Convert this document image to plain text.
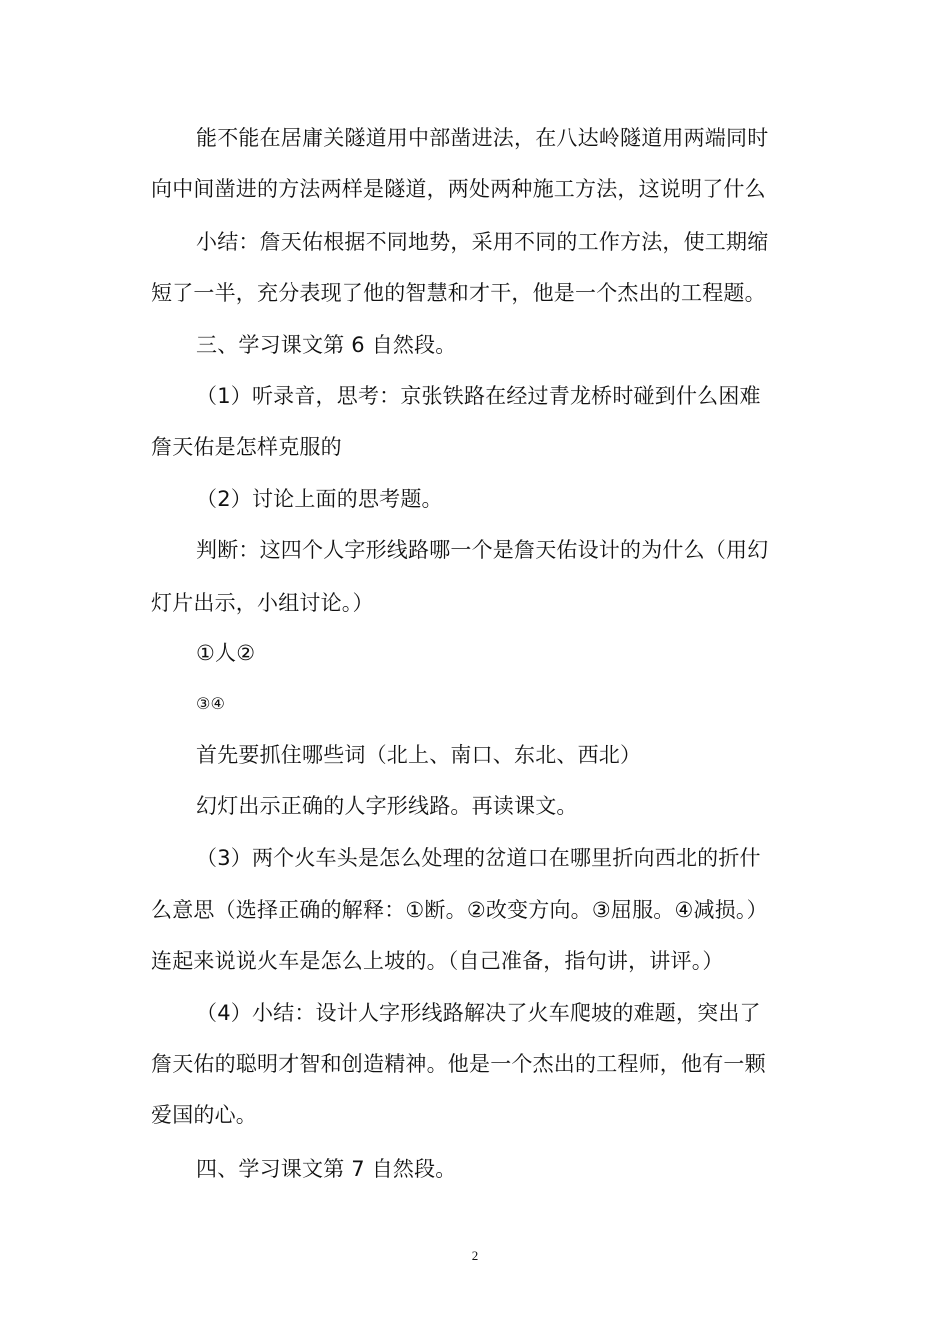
能不能在居庸关隧道用中部凿进法，在八达岭隧道用两端同时
向中间凿进的方法两样是隧道，两处两种施工方法，这说明了什么
小结：詹天佑根据不同地势，采用不同的工作方法，使工期缩
短了一半，充分表现了他的智慧和才干，他是一个杰出的工程题。
三、学习课文第 6 自然段。
（1）听录音，思考：京张铁路在经过青龙桥时碰到什么困难
詹天佑是怎样克服的
（2）讨论上面的思考题。
判断：这四个人字形线路哪一个是詹天佑设计的为什么（用幻
灯片出示，小组讨论。）
①人②
③④
首先要抓住哪些词（北上、南口、东北、西北）
幻灯出示正确的人字形线路。再读课文。
（3）两个火车头是怎么处理的岔道口在哪里折向西北的折什
么意思（选择正确的解释：①断。②改变方向。③屈服。④减损。）
连起来说说火车是怎么上坡的。（自己准备，指句讲，讲评。）
（4）小结：设计人字形线路解决了火车爬坡的难题，突出了
詹天佑的聪明才智和创造精神。他是一个杰出的工程师，他有一颗
爱国的心。
四、学习课文第 7 自然段。
2
